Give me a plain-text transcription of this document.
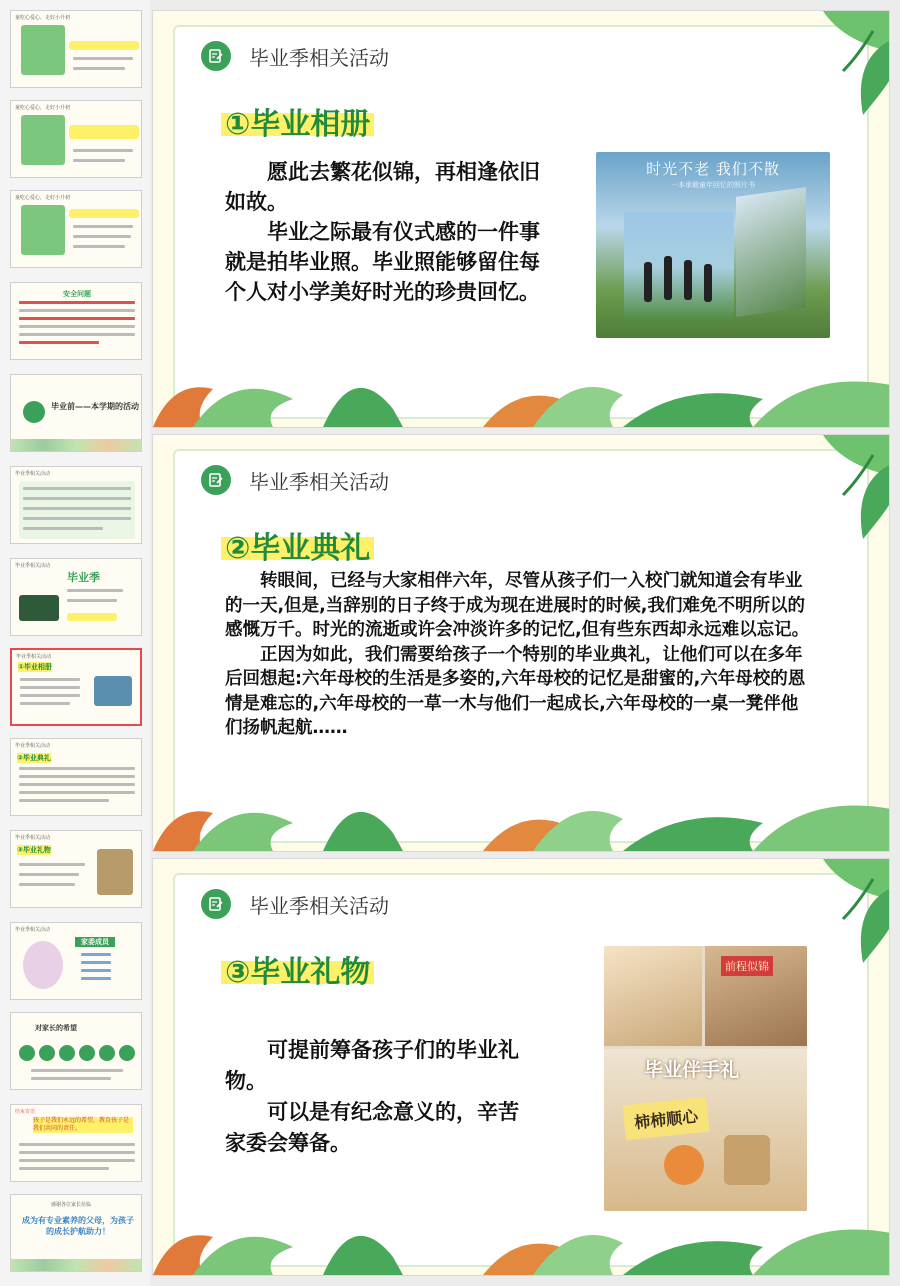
童吃心爱心，走好小升初
童吃心爱心，走好小升初
童吃心爱心，走好小升初
安全问题
毕业前——本学期的活动
毕业季相关活动
毕业季相关活动
毕业季
毕业季相关活动
①毕业相册
毕业季相关活动
②毕业典礼
毕业季相关活动
③毕业礼物
毕业季相关活动
家委成员
对家长的希望
结束寄语
孩子是我们永远的希望，教育孩子是我们共同的责任。
感谢各位家长莅临
成为有专业素养的父母，为孩子的成长护航助力！
毕业季相关活动
①毕业相册

愿此去繁花似锦，再相逢依旧如故。

毕业之际最有仪式感的一件事就是拍毕业照。毕业照能够留住每个人对小学美好时光的珍贵回忆。

时光不老 我们不散
一本承载童年回忆的照片书
毕业季相关活动
②毕业典礼

转眼间，已经与大家相伴六年，尽管从孩子们一入校门就知道会有毕业的一天,但是,当辞别的日子终于成为现在进展时的时候,我们难免不明所以的感慨万千。时光的流逝或许会冲淡许多的记忆,但有些东西却永远难以忘记。

正因为如此，我们需要给孩子一个特别的毕业典礼，让他们可以在多年后回想起:六年母校的生活是多姿的,六年母校的记忆是甜蜜的,六年母校的恩情是难忘的,六年母校的一草一木与他们一起成长,六年母校的一桌一凳伴他们扬帆起航……

毕业季相关活动
③毕业礼物

可提前筹备孩子们的毕业礼物。

可以是有纪念意义的，辛苦家委会筹备。

前程似锦
毕业伴手礼
柿柿顺心
